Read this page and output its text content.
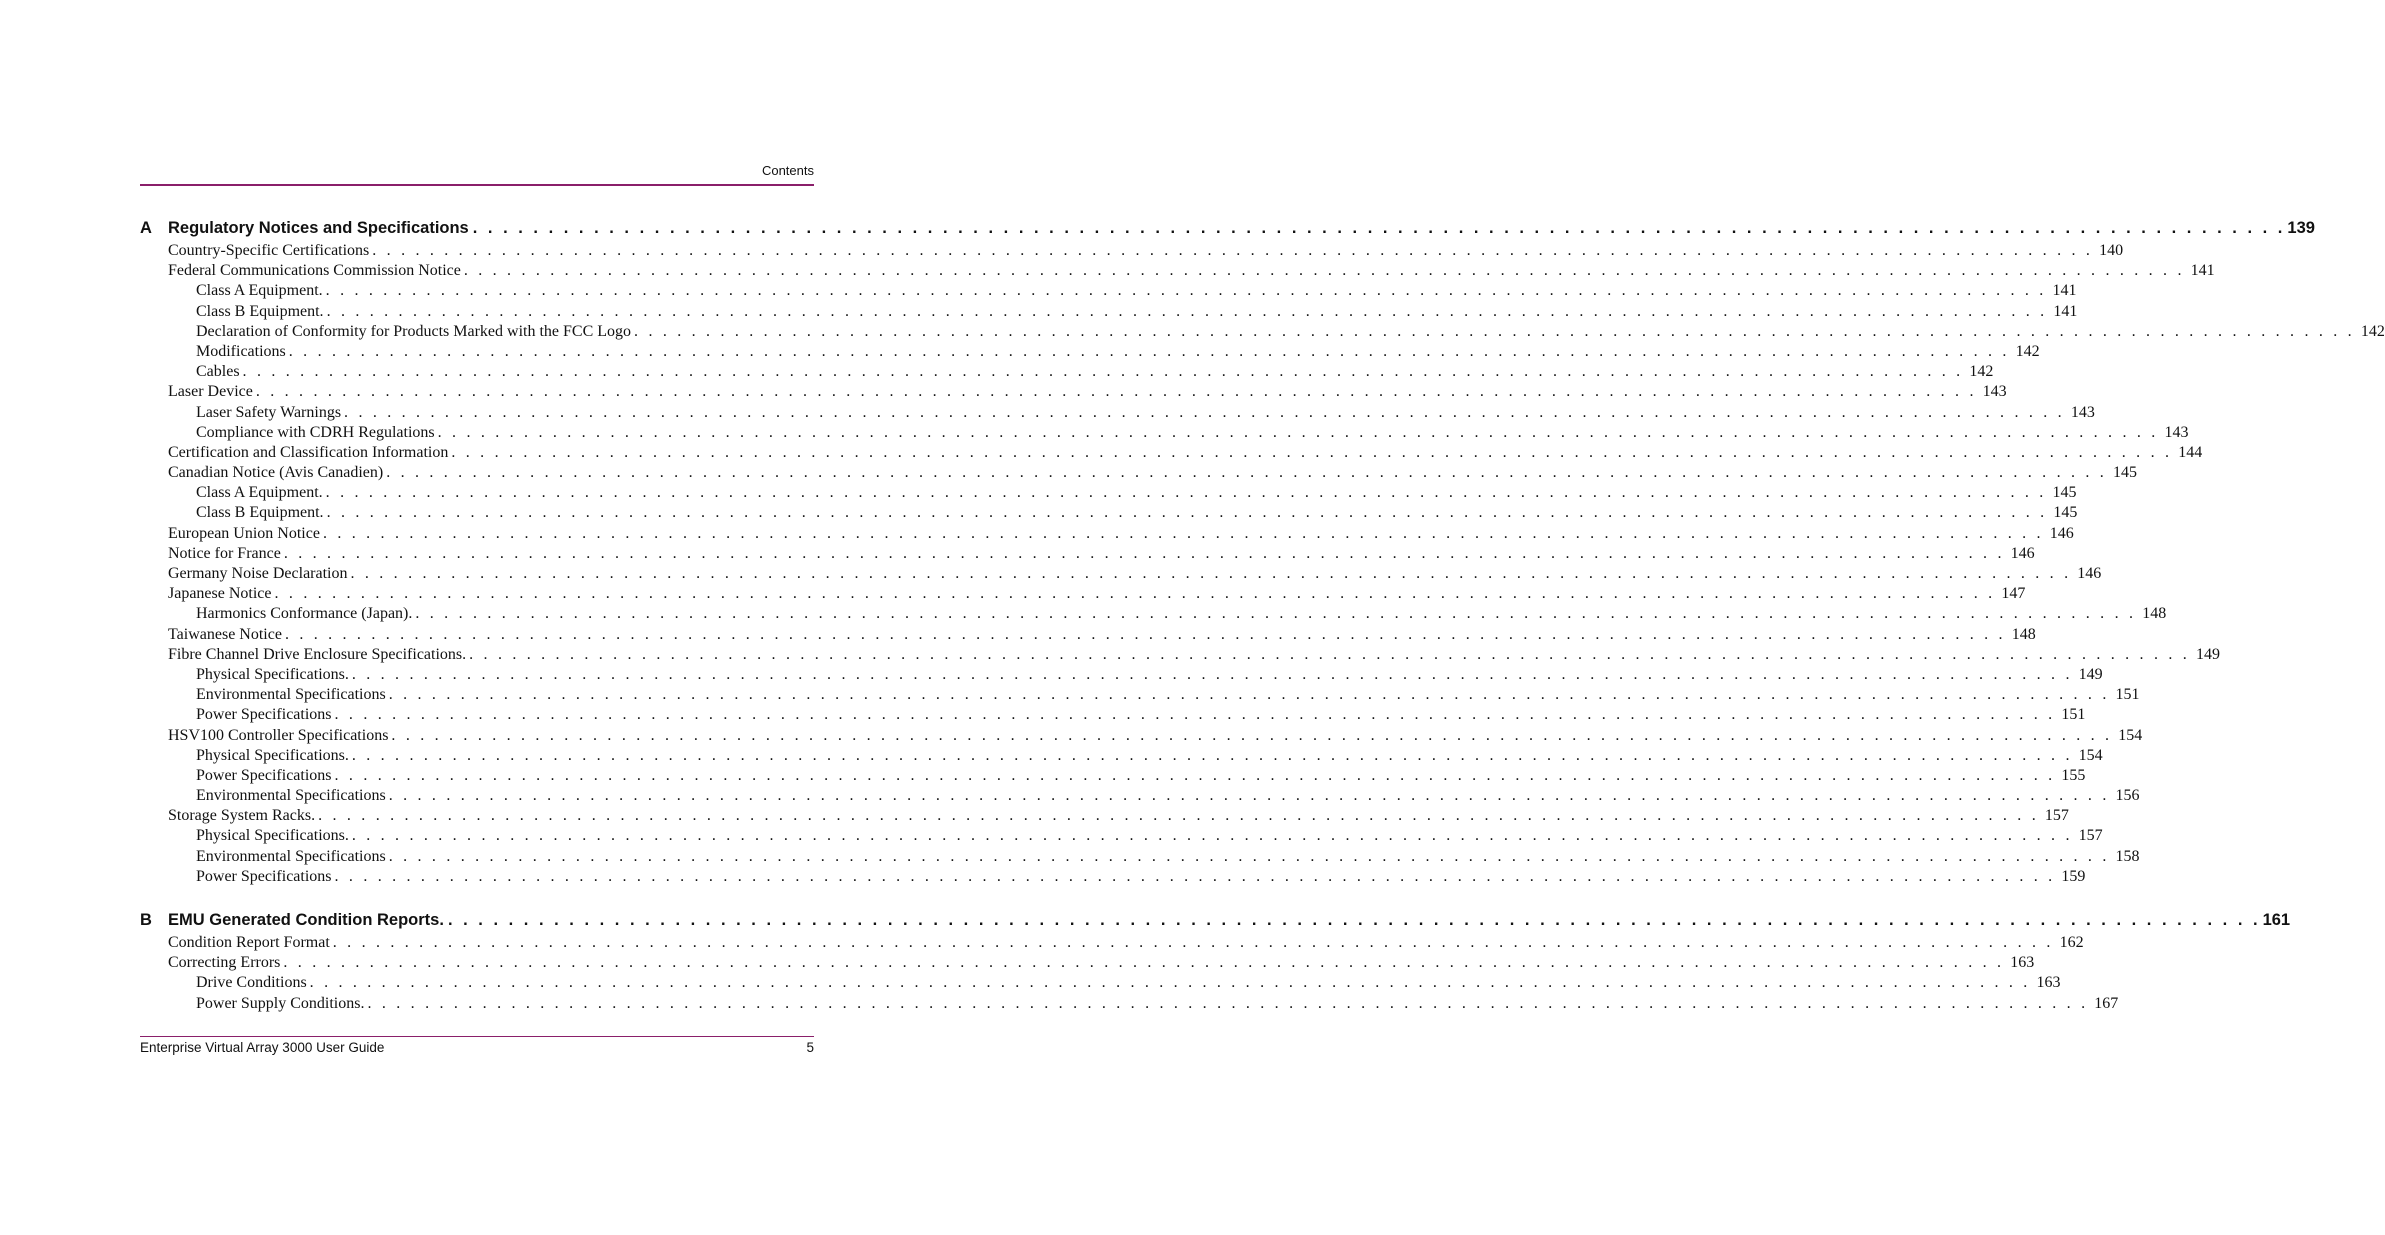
Contents
A Regulatory Notices and Specifications . . . . . . . . . . . . . . . . . . . . . . . . . . . . . . . . . . . . . . . . . . . . . . . . . . . . . . . . . . . . . . . . . . . . . . . . . . . . . . . . . . . . . . . . . . . . . . . . . . . . . . . . . . . . . . . . . . . . . . . . 139
Country-Specific Certifications . . . . . . . . . . . . . . . . . . . . . . . . . . . . . . . . . . . . . . . . . . . . . . . . . . . . . . . . . . . . . . . . . . . . . . . . . . . . . . . . . . . . . . . . . . . . . . . . . . . . . . . . . . . . . . . . . . . . . . . . 140
Federal Communications Commission Notice . . . . . . . . . . . . . . . . . . . . . . . . . . . . . . . . . . . . . . . . . . . . . . . . . . . . . . . . . . . . . . . . . . . . . . . . . . . . . . . . . . . . . . . . . . . . . . . . . . . . . . . . . . . . . . . . . . . . . . . . 141
Class A Equipment. . . . . . . . . . . . . . . . . . . . . . . . . . . . . . . . . . . . . . . . . . . . . . . . . . . . . . . . . . . . . . . . . . . . . . . . . . . . . . . . . . . . . . . . . . . . . . . . . . . . . . . . . . . . . . . . . . . . . . . . . 141
Class B Equipment. . . . . . . . . . . . . . . . . . . . . . . . . . . . . . . . . . . . . . . . . . . . . . . . . . . . . . . . . . . . . . . . . . . . . . . . . . . . . . . . . . . . . . . . . . . . . . . . . . . . . . . . . . . . . . . . . . . . . . . . . 141
Declaration of Conformity for Products Marked with the FCC Logo . . . . . . . . . . . . . . . . . . . . . . . . . . . . . . . . . . . . . . . . . . . . . . . . . . . . . . . . . . . . . . . . . . . . . . . . . . . . . . . . . . . . . . . . . . . . . . . . . . . . . . . . . . . . . . . . . . . . . . . . 142
Modifications . . . . . . . . . . . . . . . . . . . . . . . . . . . . . . . . . . . . . . . . . . . . . . . . . . . . . . . . . . . . . . . . . . . . . . . . . . . . . . . . . . . . . . . . . . . . . . . . . . . . . . . . . . . . . . . . . . . . . . . . 142
Cables . . . . . . . . . . . . . . . . . . . . . . . . . . . . . . . . . . . . . . . . . . . . . . . . . . . . . . . . . . . . . . . . . . . . . . . . . . . . . . . . . . . . . . . . . . . . . . . . . . . . . . . . . . . . . . . . . . . . . . . . 142
Laser Device . . . . . . . . . . . . . . . . . . . . . . . . . . . . . . . . . . . . . . . . . . . . . . . . . . . . . . . . . . . . . . . . . . . . . . . . . . . . . . . . . . . . . . . . . . . . . . . . . . . . . . . . . . . . . . . . . . . . . . . . 143
Laser Safety Warnings . . . . . . . . . . . . . . . . . . . . . . . . . . . . . . . . . . . . . . . . . . . . . . . . . . . . . . . . . . . . . . . . . . . . . . . . . . . . . . . . . . . . . . . . . . . . . . . . . . . . . . . . . . . . . . . . . . . . . . . . 143
Compliance with CDRH Regulations . . . . . . . . . . . . . . . . . . . . . . . . . . . . . . . . . . . . . . . . . . . . . . . . . . . . . . . . . . . . . . . . . . . . . . . . . . . . . . . . . . . . . . . . . . . . . . . . . . . . . . . . . . . . . . . . . . . . . . . . 143
Certification and Classification Information . . . . . . . . . . . . . . . . . . . . . . . . . . . . . . . . . . . . . . . . . . . . . . . . . . . . . . . . . . . . . . . . . . . . . . . . . . . . . . . . . . . . . . . . . . . . . . . . . . . . . . . . . . . . . . . . . . . . . . . . 144
Canadian Notice (Avis Canadien) . . . . . . . . . . . . . . . . . . . . . . . . . . . . . . . . . . . . . . . . . . . . . . . . . . . . . . . . . . . . . . . . . . . . . . . . . . . . . . . . . . . . . . . . . . . . . . . . . . . . . . . . . . . . . . . . . . . . . . . . 145
Class A Equipment. . . . . . . . . . . . . . . . . . . . . . . . . . . . . . . . . . . . . . . . . . . . . . . . . . . . . . . . . . . . . . . . . . . . . . . . . . . . . . . . . . . . . . . . . . . . . . . . . . . . . . . . . . . . . . . . . . . . . . . . . 145
Class B Equipment. . . . . . . . . . . . . . . . . . . . . . . . . . . . . . . . . . . . . . . . . . . . . . . . . . . . . . . . . . . . . . . . . . . . . . . . . . . . . . . . . . . . . . . . . . . . . . . . . . . . . . . . . . . . . . . . . . . . . . . . . 145
European Union Notice . . . . . . . . . . . . . . . . . . . . . . . . . . . . . . . . . . . . . . . . . . . . . . . . . . . . . . . . . . . . . . . . . . . . . . . . . . . . . . . . . . . . . . . . . . . . . . . . . . . . . . . . . . . . . . . . . . . . . . . . 146
Notice for France . . . . . . . . . . . . . . . . . . . . . . . . . . . . . . . . . . . . . . . . . . . . . . . . . . . . . . . . . . . . . . . . . . . . . . . . . . . . . . . . . . . . . . . . . . . . . . . . . . . . . . . . . . . . . . . . . . . . . . . . 146
Germany Noise Declaration . . . . . . . . . . . . . . . . . . . . . . . . . . . . . . . . . . . . . . . . . . . . . . . . . . . . . . . . . . . . . . . . . . . . . . . . . . . . . . . . . . . . . . . . . . . . . . . . . . . . . . . . . . . . . . . . . . . . . . . . 146
Japanese Notice . . . . . . . . . . . . . . . . . . . . . . . . . . . . . . . . . . . . . . . . . . . . . . . . . . . . . . . . . . . . . . . . . . . . . . . . . . . . . . . . . . . . . . . . . . . . . . . . . . . . . . . . . . . . . . . . . . . . . . . . 147
Harmonics Conformance (Japan). . . . . . . . . . . . . . . . . . . . . . . . . . . . . . . . . . . . . . . . . . . . . . . . . . . . . . . . . . . . . . . . . . . . . . . . . . . . . . . . . . . . . . . . . . . . . . . . . . . . . . . . . . . . . . . . . . . . . . . . . 148
Taiwanese Notice . . . . . . . . . . . . . . . . . . . . . . . . . . . . . . . . . . . . . . . . . . . . . . . . . . . . . . . . . . . . . . . . . . . . . . . . . . . . . . . . . . . . . . . . . . . . . . . . . . . . . . . . . . . . . . . . . . . . . . . . 148
Fibre Channel Drive Enclosure Specifications. . . . . . . . . . . . . . . . . . . . . . . . . . . . . . . . . . . . . . . . . . . . . . . . . . . . . . . . . . . . . . . . . . . . . . . . . . . . . . . . . . . . . . . . . . . . . . . . . . . . . . . . . . . . . . . . . . . . . . . . . 149
Physical Specifications. . . . . . . . . . . . . . . . . . . . . . . . . . . . . . . . . . . . . . . . . . . . . . . . . . . . . . . . . . . . . . . . . . . . . . . . . . . . . . . . . . . . . . . . . . . . . . . . . . . . . . . . . . . . . . . . . . . . . . . . . 149
Environmental Specifications . . . . . . . . . . . . . . . . . . . . . . . . . . . . . . . . . . . . . . . . . . . . . . . . . . . . . . . . . . . . . . . . . . . . . . . . . . . . . . . . . . . . . . . . . . . . . . . . . . . . . . . . . . . . . . . . . . . . . . . . 151
Power Specifications . . . . . . . . . . . . . . . . . . . . . . . . . . . . . . . . . . . . . . . . . . . . . . . . . . . . . . . . . . . . . . . . . . . . . . . . . . . . . . . . . . . . . . . . . . . . . . . . . . . . . . . . . . . . . . . . . . . . . . . . 151
HSV100 Controller Specifications . . . . . . . . . . . . . . . . . . . . . . . . . . . . . . . . . . . . . . . . . . . . . . . . . . . . . . . . . . . . . . . . . . . . . . . . . . . . . . . . . . . . . . . . . . . . . . . . . . . . . . . . . . . . . . . . . . . . . . . . 154
Physical Specifications. . . . . . . . . . . . . . . . . . . . . . . . . . . . . . . . . . . . . . . . . . . . . . . . . . . . . . . . . . . . . . . . . . . . . . . . . . . . . . . . . . . . . . . . . . . . . . . . . . . . . . . . . . . . . . . . . . . . . . . . . 154
Power Specifications . . . . . . . . . . . . . . . . . . . . . . . . . . . . . . . . . . . . . . . . . . . . . . . . . . . . . . . . . . . . . . . . . . . . . . . . . . . . . . . . . . . . . . . . . . . . . . . . . . . . . . . . . . . . . . . . . . . . . . . . 155
Environmental Specifications . . . . . . . . . . . . . . . . . . . . . . . . . . . . . . . . . . . . . . . . . . . . . . . . . . . . . . . . . . . . . . . . . . . . . . . . . . . . . . . . . . . . . . . . . . . . . . . . . . . . . . . . . . . . . . . . . . . . . . . . 156
Storage System Racks. . . . . . . . . . . . . . . . . . . . . . . . . . . . . . . . . . . . . . . . . . . . . . . . . . . . . . . . . . . . . . . . . . . . . . . . . . . . . . . . . . . . . . . . . . . . . . . . . . . . . . . . . . . . . . . . . . . . . . . . . 157
Physical Specifications. . . . . . . . . . . . . . . . . . . . . . . . . . . . . . . . . . . . . . . . . . . . . . . . . . . . . . . . . . . . . . . . . . . . . . . . . . . . . . . . . . . . . . . . . . . . . . . . . . . . . . . . . . . . . . . . . . . . . . . . . 157
Environmental Specifications . . . . . . . . . . . . . . . . . . . . . . . . . . . . . . . . . . . . . . . . . . . . . . . . . . . . . . . . . . . . . . . . . . . . . . . . . . . . . . . . . . . . . . . . . . . . . . . . . . . . . . . . . . . . . . . . . . . . . . . . 158
Power Specifications . . . . . . . . . . . . . . . . . . . . . . . . . . . . . . . . . . . . . . . . . . . . . . . . . . . . . . . . . . . . . . . . . . . . . . . . . . . . . . . . . . . . . . . . . . . . . . . . . . . . . . . . . . . . . . . . . . . . . . . . 159
B EMU Generated Condition Reports. . . . . . . . . . . . . . . . . . . . . . . . . . . . . . . . . . . . . . . . . . . . . . . . . . . . . . . . . . . . . . . . . . . . . . . . . . . . . . . . . . . . . . . . . . . . . . . . . . . . . . . . . . . . . . . . . . . . . . . . . 161
Condition Report Format . . . . . . . . . . . . . . . . . . . . . . . . . . . . . . . . . . . . . . . . . . . . . . . . . . . . . . . . . . . . . . . . . . . . . . . . . . . . . . . . . . . . . . . . . . . . . . . . . . . . . . . . . . . . . . . . . . . . . . . . 162
Correcting Errors . . . . . . . . . . . . . . . . . . . . . . . . . . . . . . . . . . . . . . . . . . . . . . . . . . . . . . . . . . . . . . . . . . . . . . . . . . . . . . . . . . . . . . . . . . . . . . . . . . . . . . . . . . . . . . . . . . . . . . . . 163
Drive Conditions . . . . . . . . . . . . . . . . . . . . . . . . . . . . . . . . . . . . . . . . . . . . . . . . . . . . . . . . . . . . . . . . . . . . . . . . . . . . . . . . . . . . . . . . . . . . . . . . . . . . . . . . . . . . . . . . . . . . . . . . 163
Power Supply Conditions. . . . . . . . . . . . . . . . . . . . . . . . . . . . . . . . . . . . . . . . . . . . . . . . . . . . . . . . . . . . . . . . . . . . . . . . . . . . . . . . . . . . . . . . . . . . . . . . . . . . . . . . . . . . . . . . . . . . . . . . . 167
Enterprise Virtual Array 3000 User Guide	5
